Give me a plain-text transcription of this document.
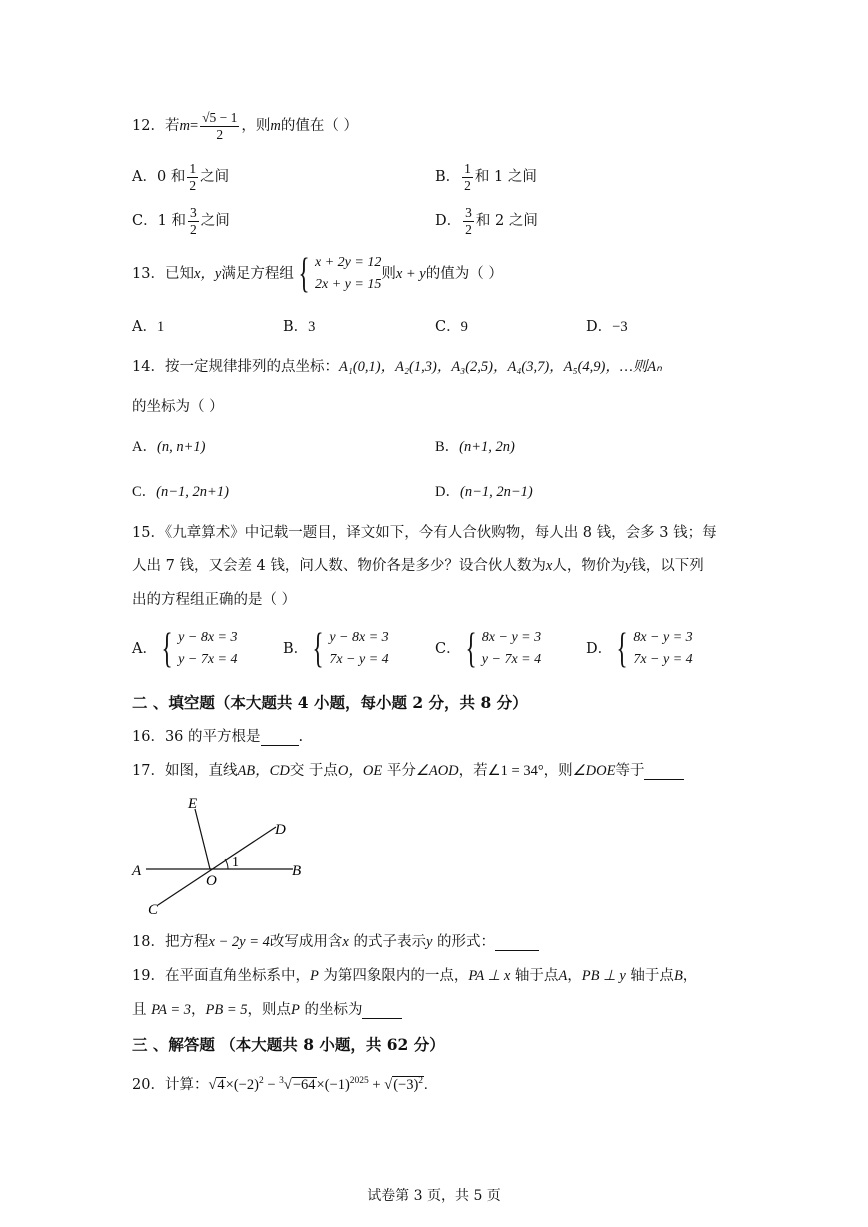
12．若 $m = \frac{√5 - 1}{2}$ ，则 m 的值在（ ）
A． 0 和 $\frac{1}{2}$ 之间	B． $\frac{1}{2}$ 和 1 之间
C． 1 和 $\frac{3}{2}$ 之间	D． $\frac{3}{2}$ 和 2 之间
13．已知 x，y 满足方程组 { x + 2y = 12
2x + y = 15
则 x + y 的值为（ ）
A．1	B．3	C．9	D．−3
14．按一定规律排列的点坐标：A₁(0,1)，A₂(1,3)，A₃(2,5)，A₄(3,7)，A₅(4,9)，…则Aₙ
的坐标为（ ）
A．(n, n+1)	B．(n+1, 2n)
C．(n−1, 2n+1)	D．(n−1, 2n−1)
15．《九章算术》中记载一题目，译文如下，今有人合伙购物，每人出 8 钱，会多 3 钱；每
人出 7 钱，又会差 4 钱，问人数、物价各是多少？设合伙人数为x人，物价为y钱，以下列
出的方程组正确的是（ ）
A． { y − 8x = 3
y − 7x = 4
B． { y − 8x = 3
7x − y = 4
C． { 8x − y = 3
y − 7x = 4
D． { 8x − y = 3
7x − y = 4
二 、填空题（本大题共 4 小题，每小题 2 分，共 8 分）
16．36 的平方根是	.
17．如图，直线AB，CD交 于点O，OE 平分∠AOD，若∠1 = 34°，则∠DOE等于
E
D
A
O
B
C
1
18．把方程x − 2y = 4改写成用含x 的式子表示y 的形式：
19．在平面直角坐标系中，P 为第四象限内的一点，PA ⊥ x 轴于点A，PB ⊥ y 轴于点B，
且 PA = 3，PB = 5，则点P 的坐标为
三 、解答题 （本大题共 8 小题，共 62 分）
20．计算：$√4\times(-2)^2 - ^3√-64\times(-1)^{2025} + √(-3)^2$.
试卷第 3 页，共 5 页
